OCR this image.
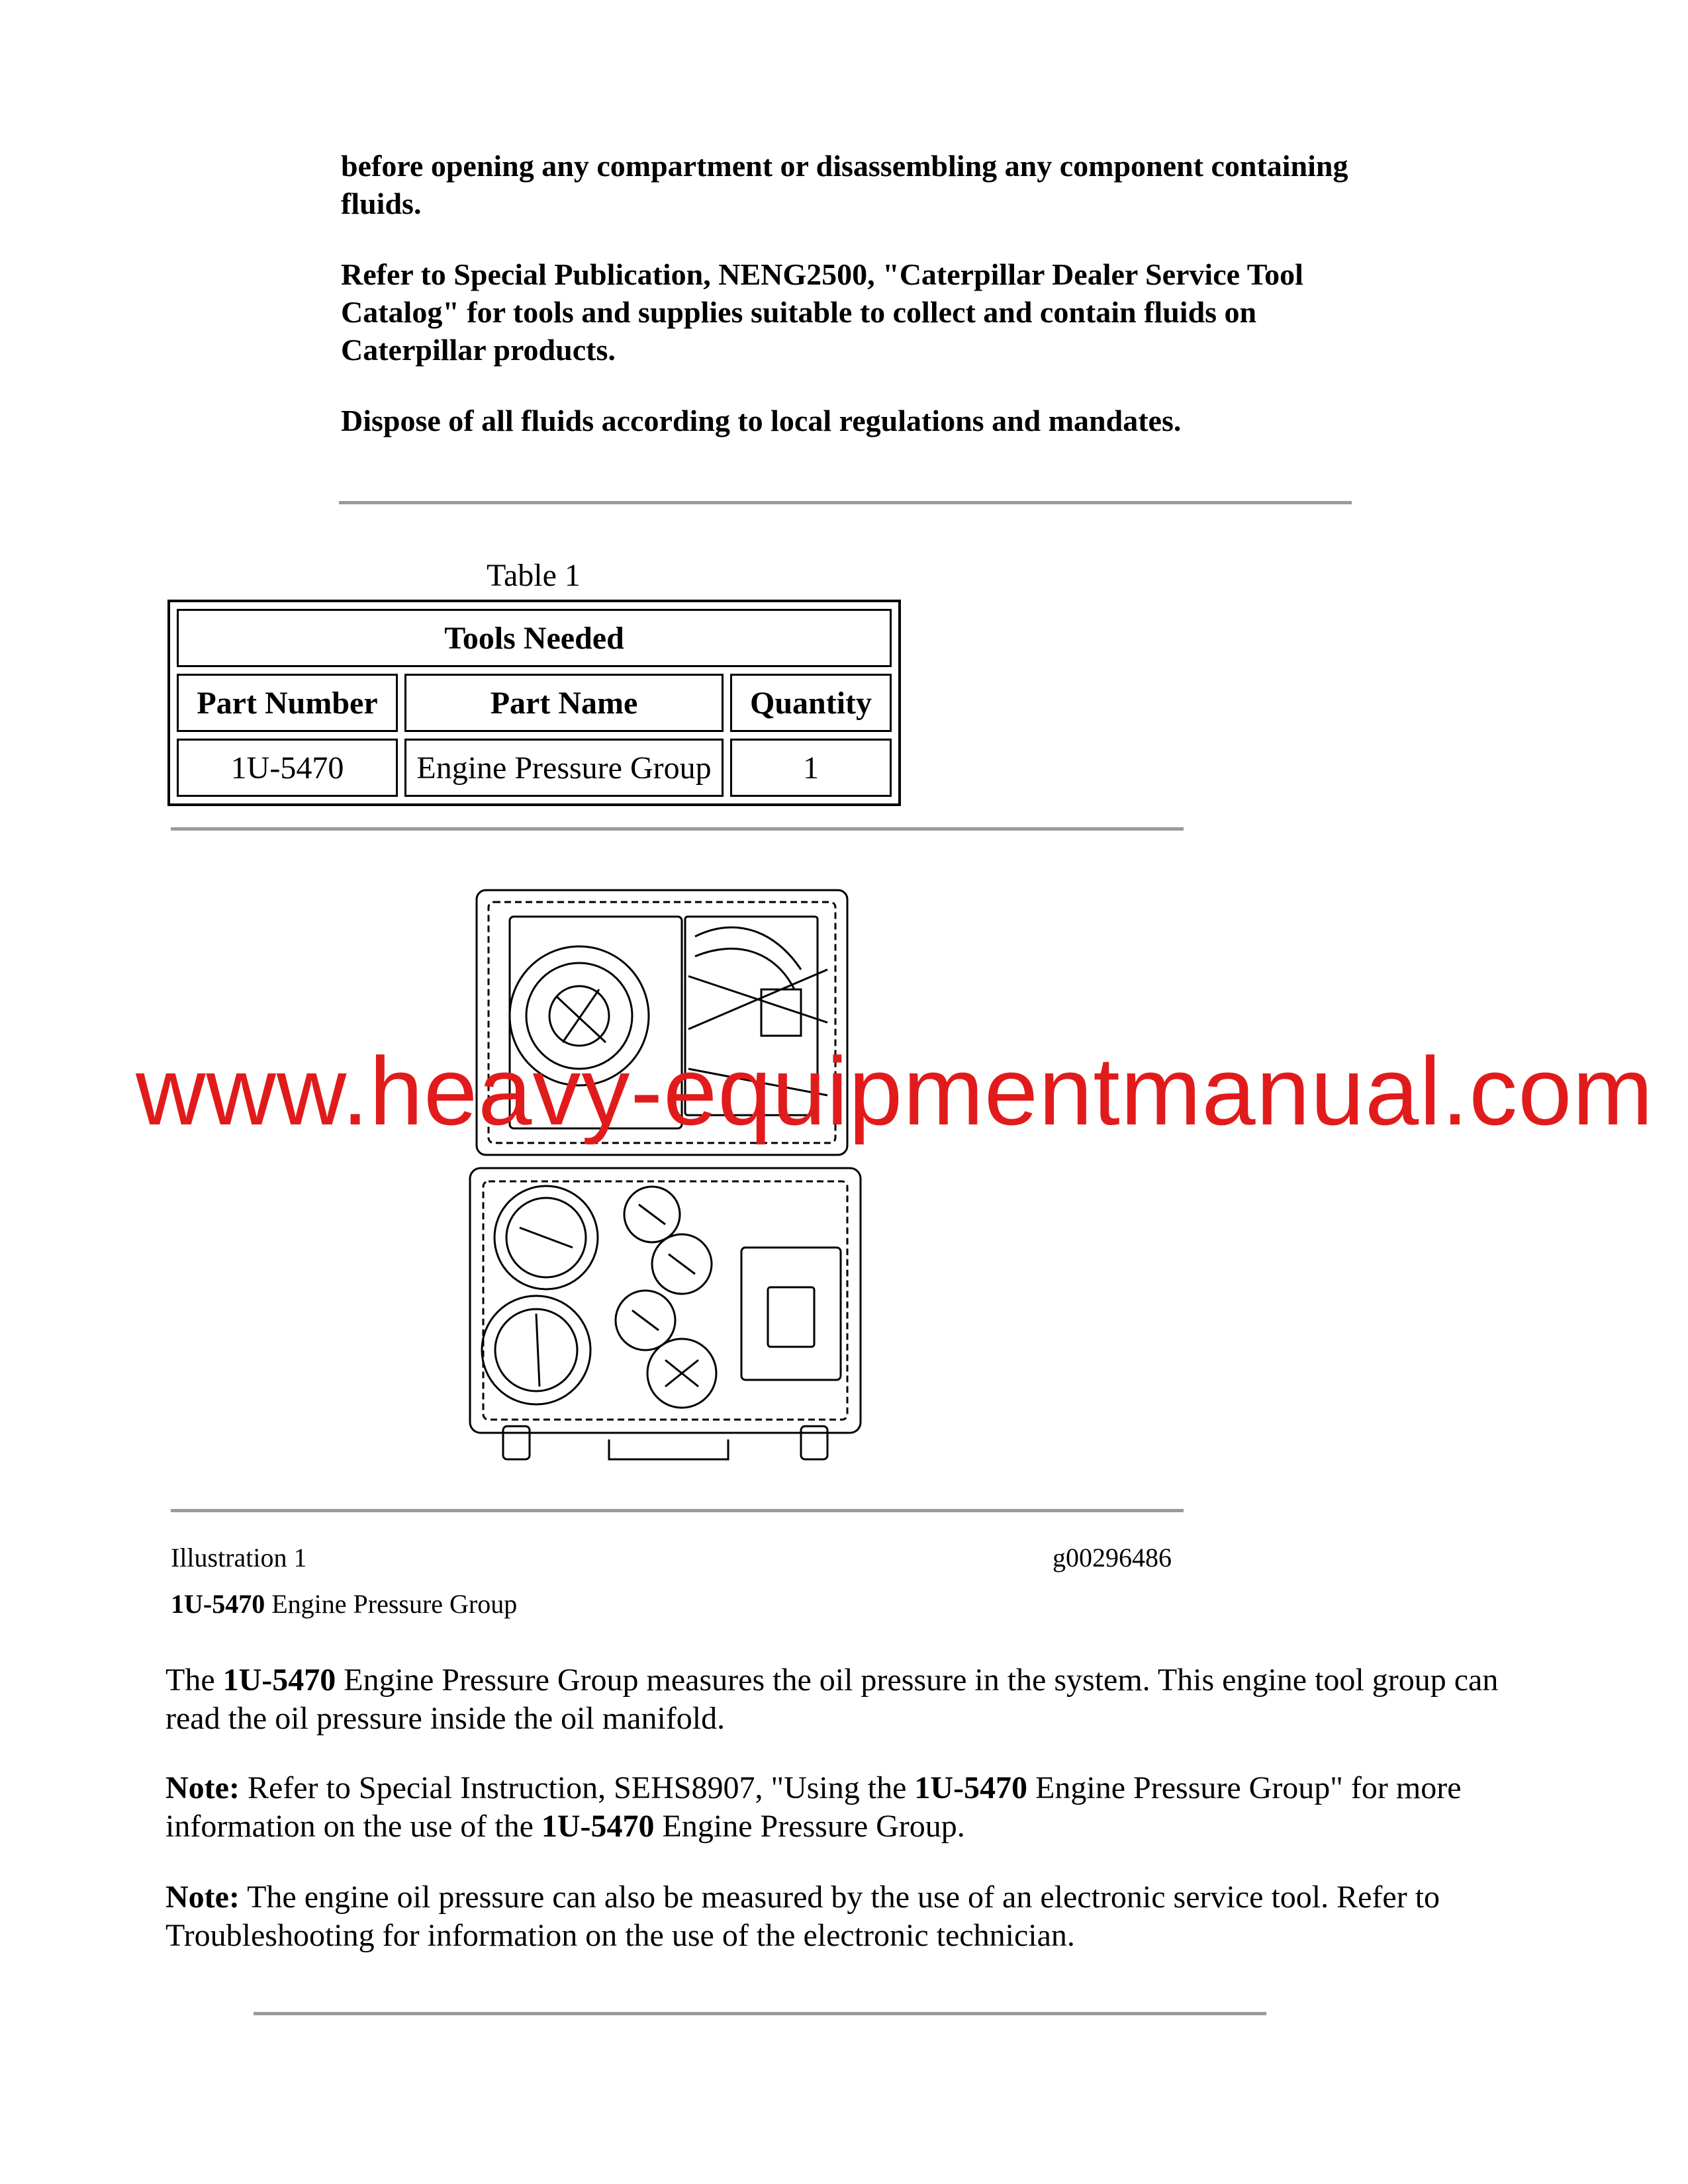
before opening any compartment or disassembling any component containing fluids.

Refer to Special Publication, NENG2500, "Caterpillar Dealer Service Tool Catalog" for tools and supplies suitable to collect and contain fluids on Caterpillar products.

Dispose of all fluids according to local regulations and mandates.

Table 1
Tools Needed		
Part Number	Part Name	Quantity
1U-5470	Engine Pressure Group	1
www.heavy-equipmentmanual.com
Illustration 1	g00296486
1U-5470 Engine Pressure Group

The 1U-5470 Engine Pressure Group measures the oil pressure in the system. This engine tool group can read the oil pressure inside the oil manifold.

Note: Refer to Special Instruction, SEHS8907, "Using the 1U-5470 Engine Pressure Group" for more information on the use of the 1U-5470 Engine Pressure Group.

Note: The engine oil pressure can also be measured by the use of an electronic service tool. Refer to Troubleshooting for information on the use of the electronic technician.
